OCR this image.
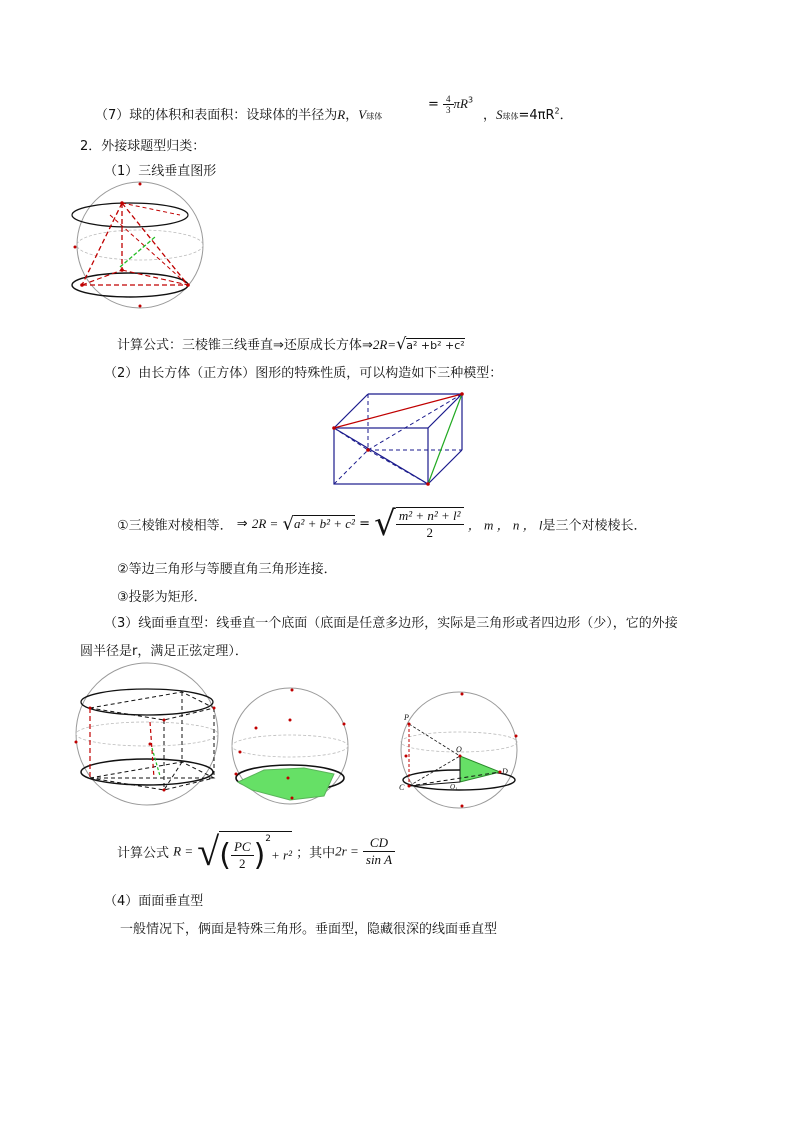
（7）球的体积和表面积：设球体的半径为R，V球体
= $\frac{4}{3} \pi R^3$
，S球体$=4\pi R^2$．
2．外接球题型归类：
（1）三线垂直图形
计算公式：三棱锥三线垂直⇒还原成长方体⇒2R=√a² +b² +c²
（2）由长方体（正方体）图形的特殊性质，可以构造如下三种模型：
①三棱锥对棱相等． ⇒ 2R = √a² + b² + c² = √ $\frac{\text{m² + n² + l²}}{2}$ ， m ， n ， l是三个对棱棱长．
②等边三角形与等腰直角三角形连接．
③投影为矩形．
（3）线面垂直型：线垂直一个底面（底面是任意多边形，实际是三角形或者四边形（少），它的外接
圆半径是r，满足正弦定理）．
P
O
O₁
C
D
计算公式 R = √( $\frac{PC}{2} )^2+ r^2$ ；其中$2r = \frac{CD}{\text{sin A}}$
（4）面面垂直型
一般情况下，俩面是特殊三角形。垂面型，隐藏很深的线面垂直型
